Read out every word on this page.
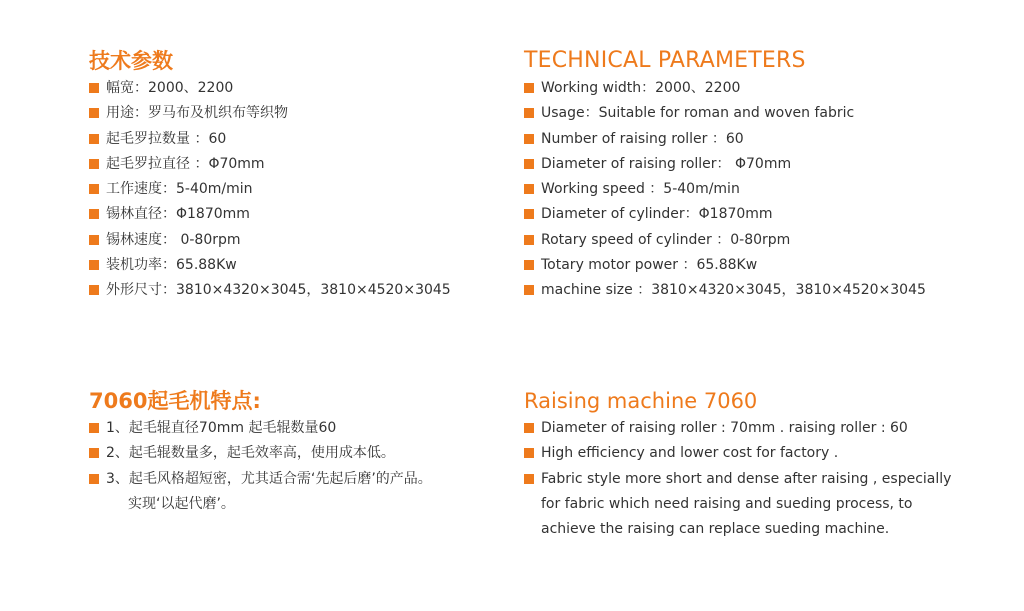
技术参数
幅宽：2000、2200
用途：罗马布及机织布等织物
起毛罗拉数量 ：60
起毛罗拉直径 ：Φ70mm
工作速度：5-40m/min
锡林直径：Φ1870mm
锡林速度： 0-80rpm
装机功率：65.88Kw
外形尺寸：3810×4320×3045，3810×4520×3045
TECHNICAL PARAMETERS
Working width：2000、2200
Usage：Suitable for roman and woven fabric
Number of raising roller ：60
Diameter of raising roller： Φ70mm
Working speed ：5-40m/min
Diameter of cylinder：Φ1870mm
Rotary speed of cylinder ：0-80rpm
Totary motor power ：65.88Kw
machine size ：3810×4320×3045，3810×4520×3045
7060起毛机特点:
1、起毛辊直径70mm 起毛辊数量60
2、起毛辊数量多，起毛效率高，使用成本低。
3、起毛风格超短密，尤其适合需‘先起后磨’的产品。
实现‘以起代磨’。
Raising machine 7060
Diameter of raising roller : 70mm . raising roller : 60
High efficiency and lower cost for factory .
Fabric style more short and dense after raising , especially
for fabric which need raising and sueding process, to
achieve the raising can replace sueding machine.
